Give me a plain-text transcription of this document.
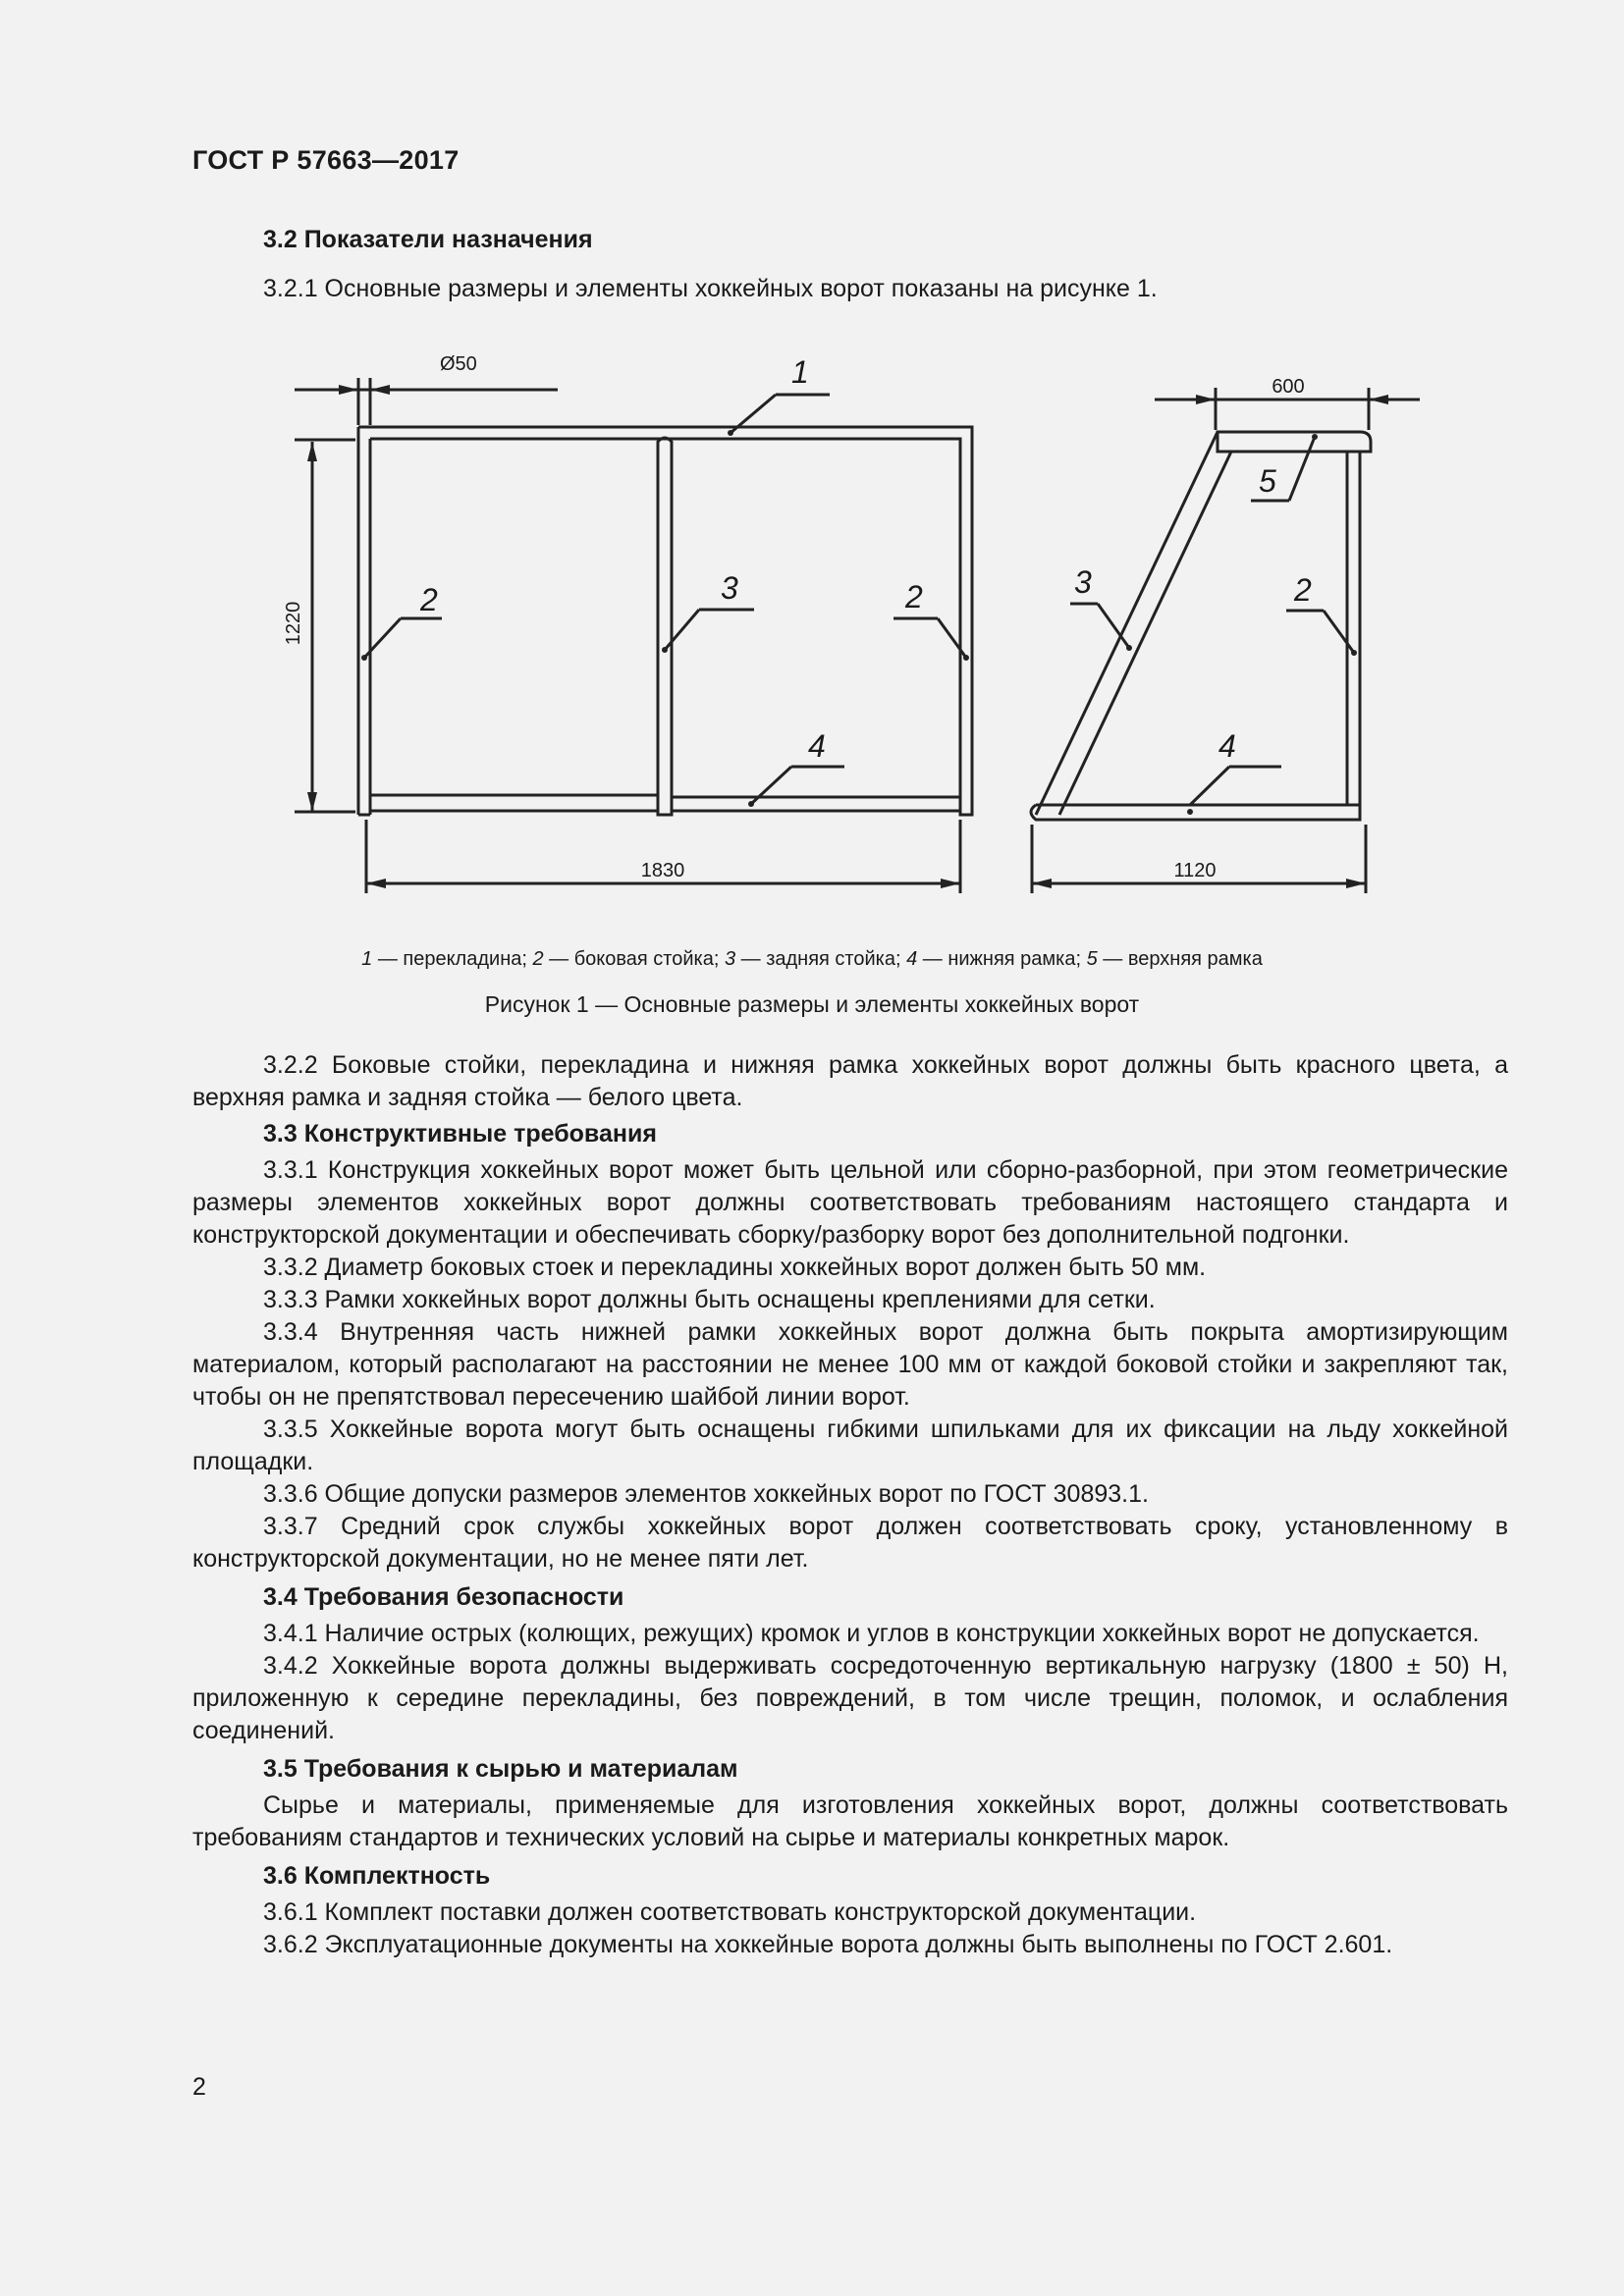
ГОСТ Р 57663—2017
3.2 Показатели назначения

3.2.1 Основные размеры и элементы хоккейных ворот показаны на рисунке 1.

Ø50
1220
1830
600
1120
1
2	2
3
4
3	2
4
5
1 — перекладина; 2 — боковая стойка; 3 — задняя стойка; 4 — нижняя рамка; 5 — верхняя рамка
Рисунок 1 — Основные размеры и элементы хоккейных ворот

3.2.2 Боковые стойки, перекладина и нижняя рамка хоккейных ворот должны быть красного цвета, а верхняя рамка и задняя стойка — белого цвета.

3.3 Конструктивные требования

3.3.1 Конструкция хоккейных ворот может быть цельной или сборно-разборной, при этом геометрические размеры элементов хоккейных ворот должны соответствовать требованиям настоящего стандарта и конструкторской документации и обеспечивать сборку/разборку ворот без дополнительной подгонки.

3.3.2 Диаметр боковых стоек и перекладины хоккейных ворот должен быть 50 мм.

3.3.3 Рамки хоккейных ворот должны быть оснащены креплениями для сетки.

3.3.4 Внутренняя часть нижней рамки хоккейных ворот должна быть покрыта амортизирующим материалом, который располагают на расстоянии не менее 100 мм от каждой боковой стойки и закрепляют так, чтобы он не препятствовал пересечению шайбой линии ворот.

3.3.5 Хоккейные ворота могут быть оснащены гибкими шпильками для их фиксации на льду хоккейной площадки.

3.3.6 Общие допуски размеров элементов хоккейных ворот по ГОСТ 30893.1.

3.3.7 Средний срок службы хоккейных ворот должен соответствовать сроку, установленному в конструкторской документации, но не менее пяти лет.

3.4 Требования безопасности

3.4.1 Наличие острых (колющих, режущих) кромок и углов в конструкции хоккейных ворот не допускается.

3.4.2 Хоккейные ворота должны выдерживать сосредоточенную вертикальную нагрузку (1800 ± 50) Н, приложенную к середине перекладины, без повреждений, в том числе трещин, поломок, и ослабления соединений.

3.5 Требования к сырью и материалам

Сырье и материалы, применяемые для изготовления хоккейных ворот, должны соответствовать требованиям стандартов и технических условий на сырье и материалы конкретных марок.

3.6 Комплектность

3.6.1 Комплект поставки должен соответствовать конструкторской документации.

3.6.2 Эксплуатационные документы на хоккейные ворота должны быть выполнены по ГОСТ 2.601.

2
